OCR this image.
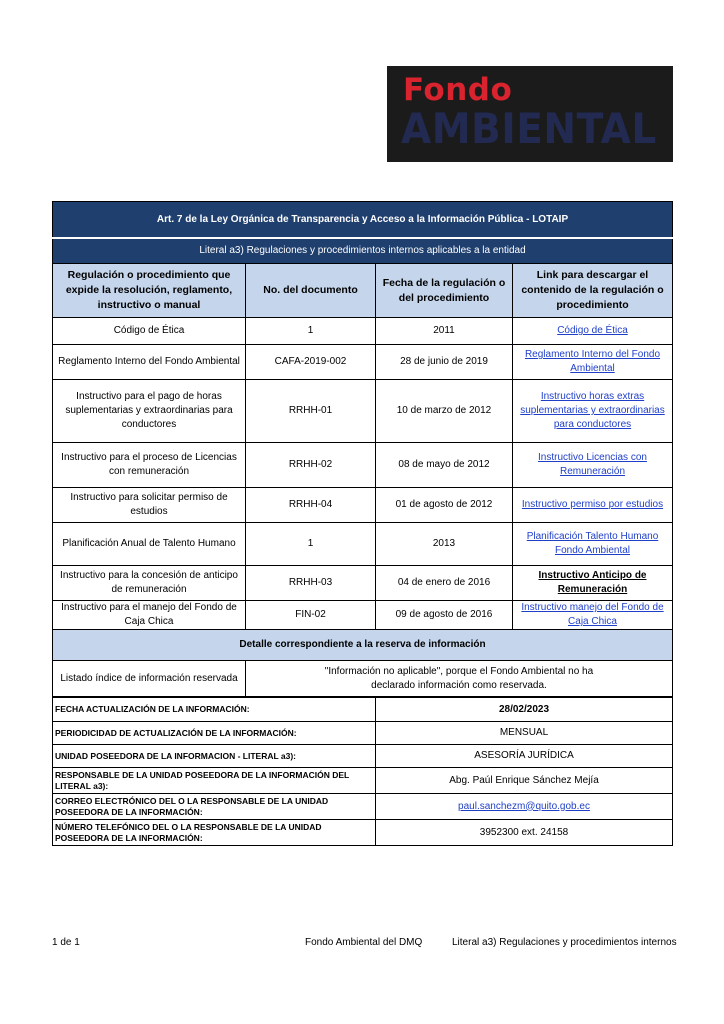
Fondo
AMBIENTAL
Art. 7 de la Ley Orgánica de Transparencia y Acceso a la Información Pública - LOTAIP			
Literal a3) Regulaciones y procedimientos internos aplicables a la entidad			
Regulación o procedimiento que expide la resolución, reglamento, instructivo o manual	No. del documento	Fecha de la regulación o del procedimiento	Link para descargar el contenido de la regulación o procedimiento
Código de Ética	1	2011	Código de Ética
Reglamento Interno del Fondo Ambiental	CAFA-2019-002	28 de junio de 2019	Reglamento Interno del Fondo Ambiental
Instructivo para el pago de horas suplementarias y extraordinarias para conductores	RRHH-01	10 de marzo de 2012	Instructivo horas extras suplementarias y extraordinarias para conductores
Instructivo para el proceso de Licencias con remuneración	RRHH-02	08 de mayo de 2012	Instructivo Licencias con Remuneración
Instructivo para solicitar permiso de estudios	RRHH-04	01 de agosto de 2012	Instructivo permiso por estudios
Planificación Anual de Talento Humano	1	2013	Planificación Talento Humano Fondo Ambiental
Instructivo para la concesión de anticipo de remuneración	RRHH-03	04 de enero de 2016	Instructivo Anticipo de Remuneración
Instructivo para el manejo del Fondo de Caja Chica	FIN-02	09 de agosto de 2016	Instructivo manejo del Fondo de Caja Chica
Detalle correspondiente a la reserva de información			
Listado índice de información reservada	"Información no aplicable", porque el Fondo Ambiental no ha declarado información como reservada.		
FECHA ACTUALIZACIÓN DE LA INFORMACIÓN:	28/02/2023
PERIODICIDAD DE ACTUALIZACIÓN DE LA INFORMACIÓN:	MENSUAL
UNIDAD POSEEDORA DE LA INFORMACION - LITERAL a3):	ASESORÍA JURÍDICA
RESPONSABLE DE LA UNIDAD POSEEDORA DE LA INFORMACIÓN DEL LITERAL a3):	Abg. Paúl Enrique Sánchez Mejía
CORREO ELECTRÓNICO DEL O LA RESPONSABLE DE LA UNIDAD POSEEDORA DE LA INFORMACIÓN:	paul.sanchezm@quito.gob.ec
NÚMERO TELEFÓNICO DEL O LA RESPONSABLE DE LA UNIDAD POSEEDORA DE LA INFORMACIÓN:	3952300 ext. 24158
1 de 1	Fondo Ambiental del DMQ	Literal a3) Regulaciones y procedimientos internos
